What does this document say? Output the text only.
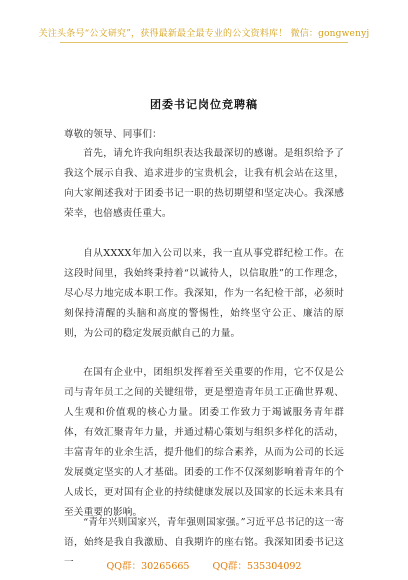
关注头条号“公文研究”，获得最新最全最专业的公文资料库！ 微信：gongwenyj
团委书记岗位竞聘稿

尊敬的领导、同事们：

首先，请允许我向组织表达我最深切的感谢。是组织给予了我这个展示自我、追求进步的宝贵机会，让我有机会站在这里，向大家阐述我对于团委书记一职的热切期望和坚定决心。我深感荣幸，也倍感责任重大。

自从XXXX年加入公司以来，我一直从事党群纪检工作。在这段时间里，我始终秉持着“以诚待人，以信取胜”的工作理念，尽心尽力地完成本职工作。我深知，作为一名纪检干部，必须时刻保持清醒的头脑和高度的警惕性，始终坚守公正、廉洁的原则，为公司的稳定发展贡献自己的力量。

在国有企业中，团组织发挥着至关重要的作用，它不仅是公司与青年员工之间的关键纽带，更是塑造青年员工正确世界观、人生观和价值观的核心力量。团委工作致力于竭诚服务青年群体，有效汇聚青年力量，并通过精心策划与组织多样化的活动，丰富青年的业余生活，提升他们的综合素养，从而为公司的长远发展奠定坚实的人才基础。团委的工作不仅深刻影响着青年的个人成长，更对国有企业的持续健康发展以及国家的长远未来具有至关重要的影响。

“青年兴则国家兴，青年强则国家强。”习近平总书记的这一寄语，始终是我自我激励、自我期许的座右铭。我深知团委书记这一	QQ群：30265665 QQ群：535304092
